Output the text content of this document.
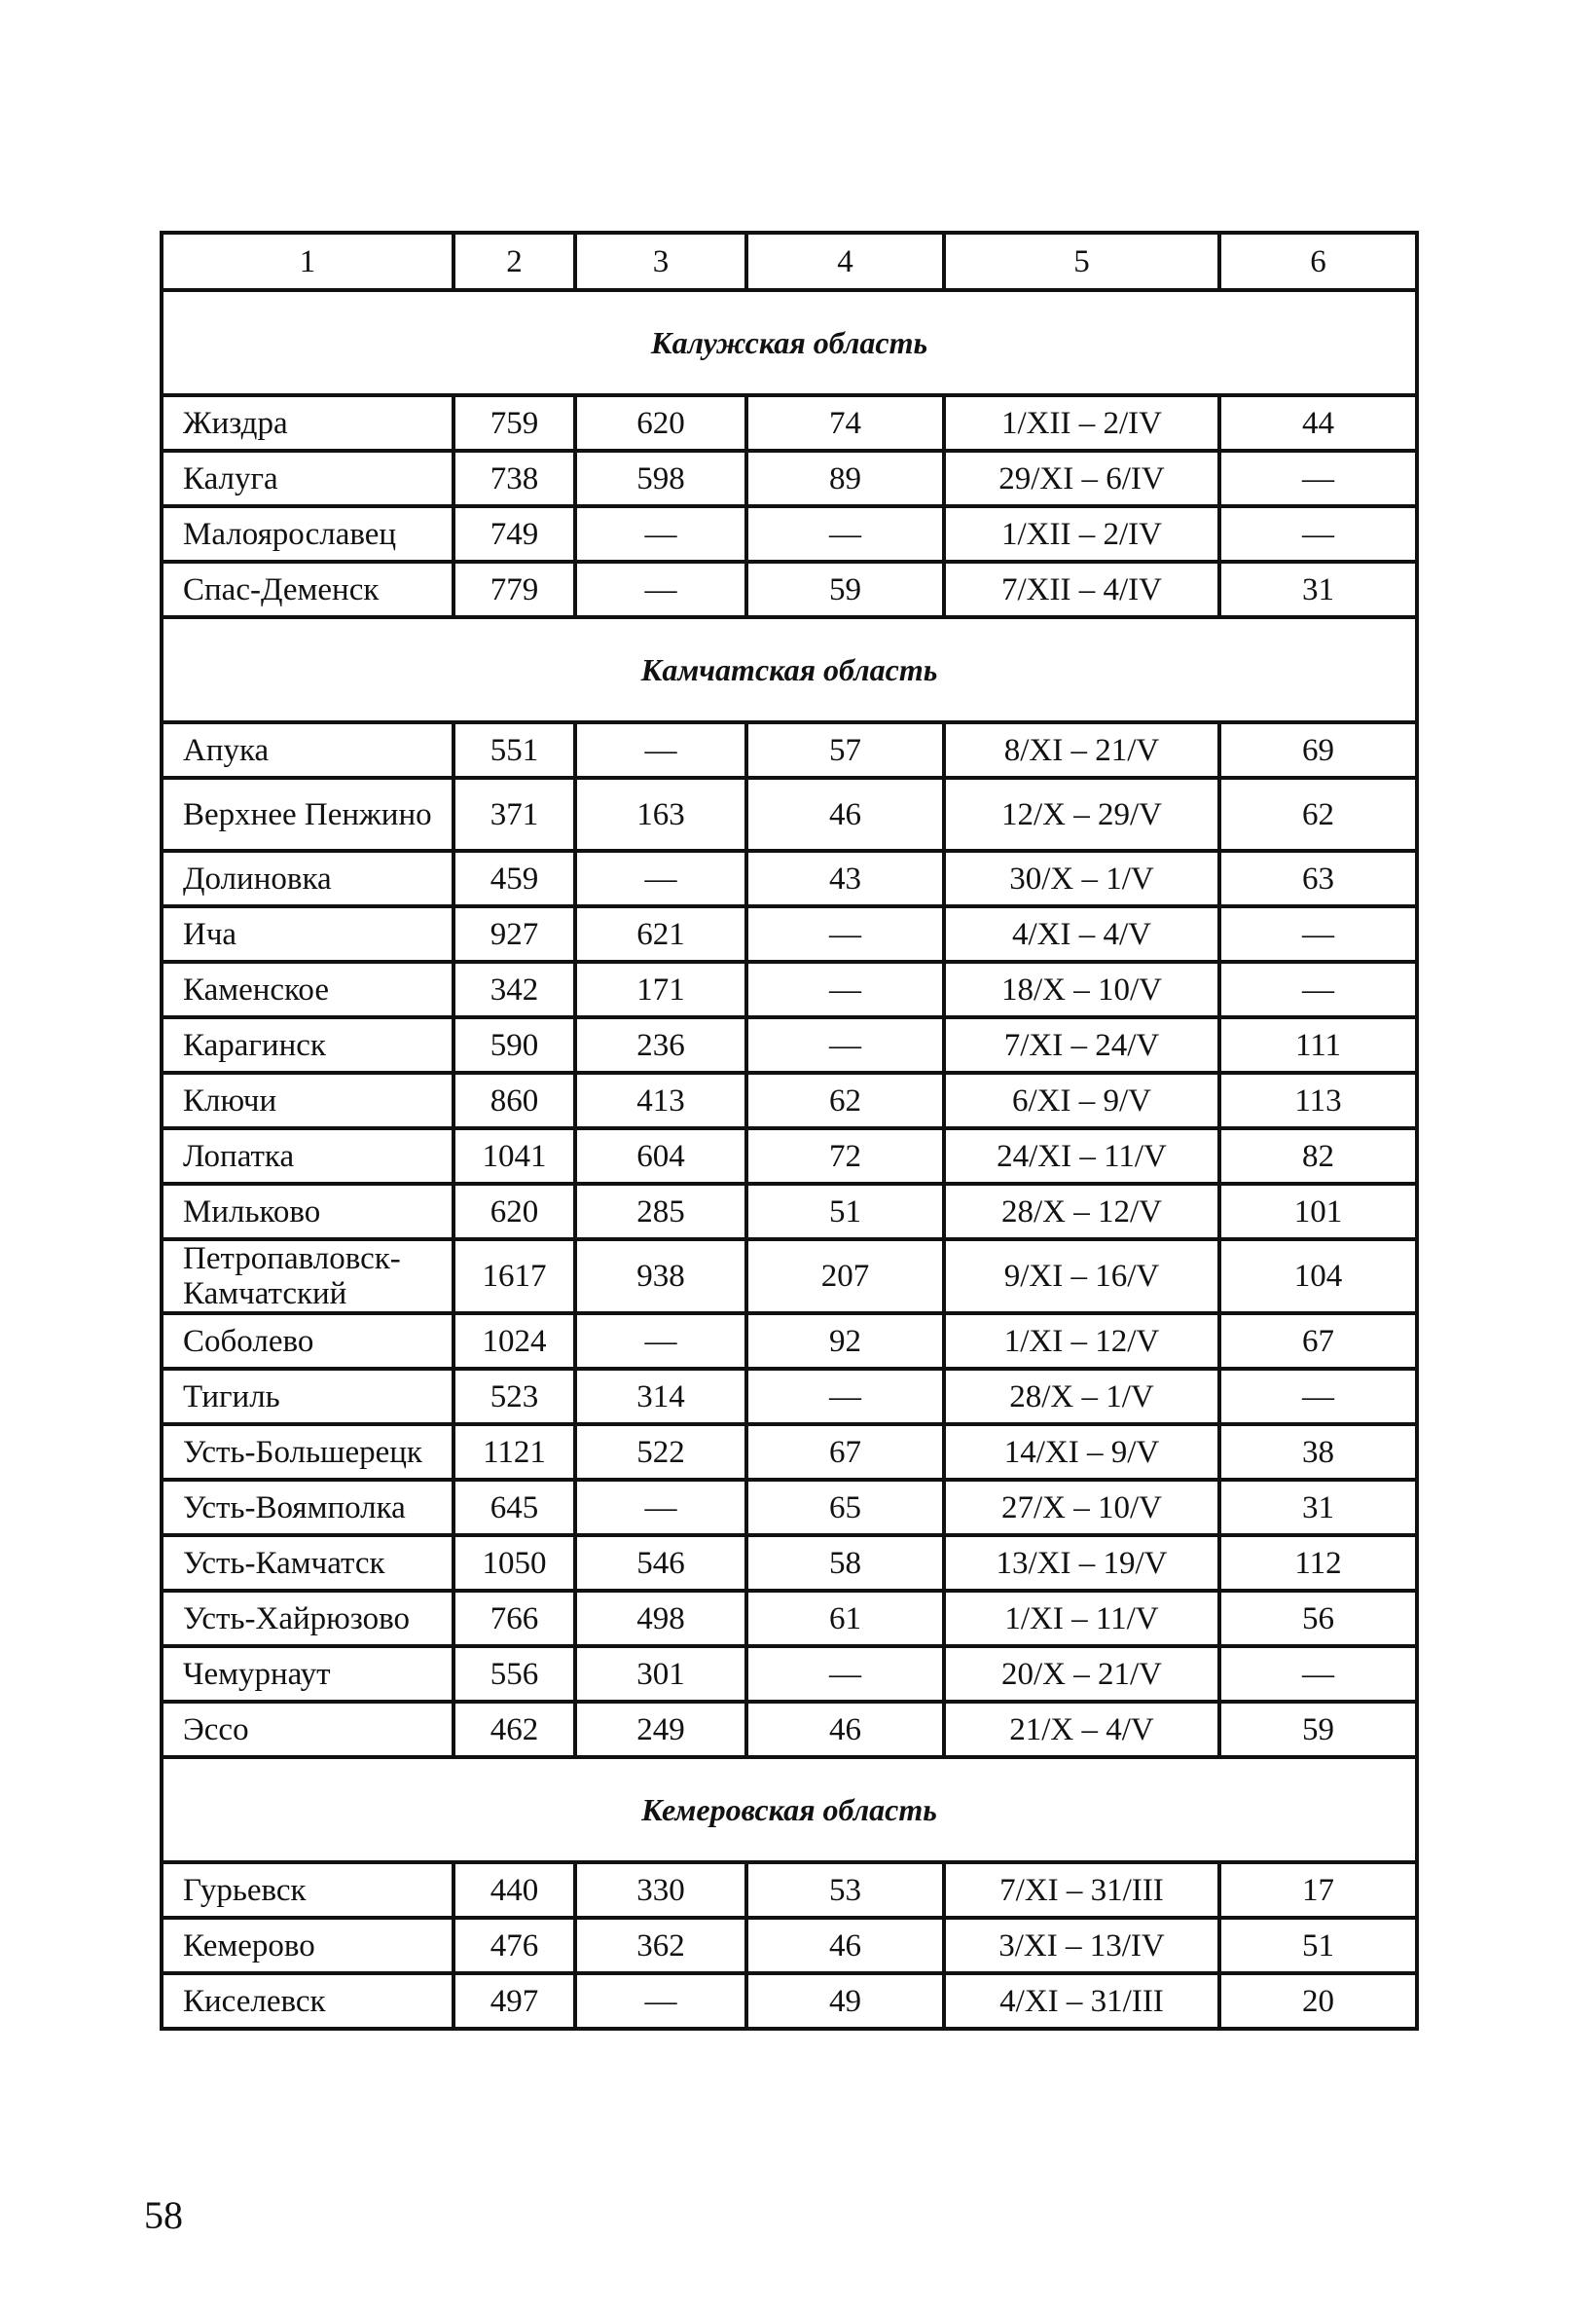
1	2	3	4	5	6
Калужская область					
Жиздра	759	620	74	1/XII – 2/IV	44
Калуга	738	598	89	29/XI – 6/IV	—
Малоярославец	749	—	—	1/XII – 2/IV	—
Спас-Деменск	779	—	59	7/XII – 4/IV	31
Камчатская область					
Апука	551	—	57	8/XI – 21/V	69
Верхнее Пенжино	371	163	46	12/X – 29/V	62
Долиновка	459	—	43	30/X – 1/V	63
Ича	927	621	—	4/XI – 4/V	—
Каменское	342	171	—	18/X – 10/V	—
Карагинск	590	236	—	7/XI – 24/V	111
Ключи	860	413	62	6/XI – 9/V	113
Лопатка	1041	604	72	24/XI – 11/V	82
Мильково	620	285	51	28/X – 12/V	101
Петропавловск-Камчатский	1617	938	207	9/XI – 16/V	104
Соболево	1024	—	92	1/XI – 12/V	67
Тигиль	523	314	—	28/X – 1/V	—
Усть-Большерецк	1121	522	67	14/XI – 9/V	38
Усть-Воямполка	645	—	65	27/X – 10/V	31
Усть-Камчатск	1050	546	58	13/XI – 19/V	112
Усть-Хайрюзово	766	498	61	1/XI – 11/V	56
Чемурнаут	556	301	—	20/X – 21/V	—
Эссо	462	249	46	21/X – 4/V	59
Кемеровская область					
Гурьевск	440	330	53	7/XI – 31/III	17
Кемерово	476	362	46	3/XI – 13/IV	51
Киселевск	497	—	49	4/XI – 31/III	20
58
